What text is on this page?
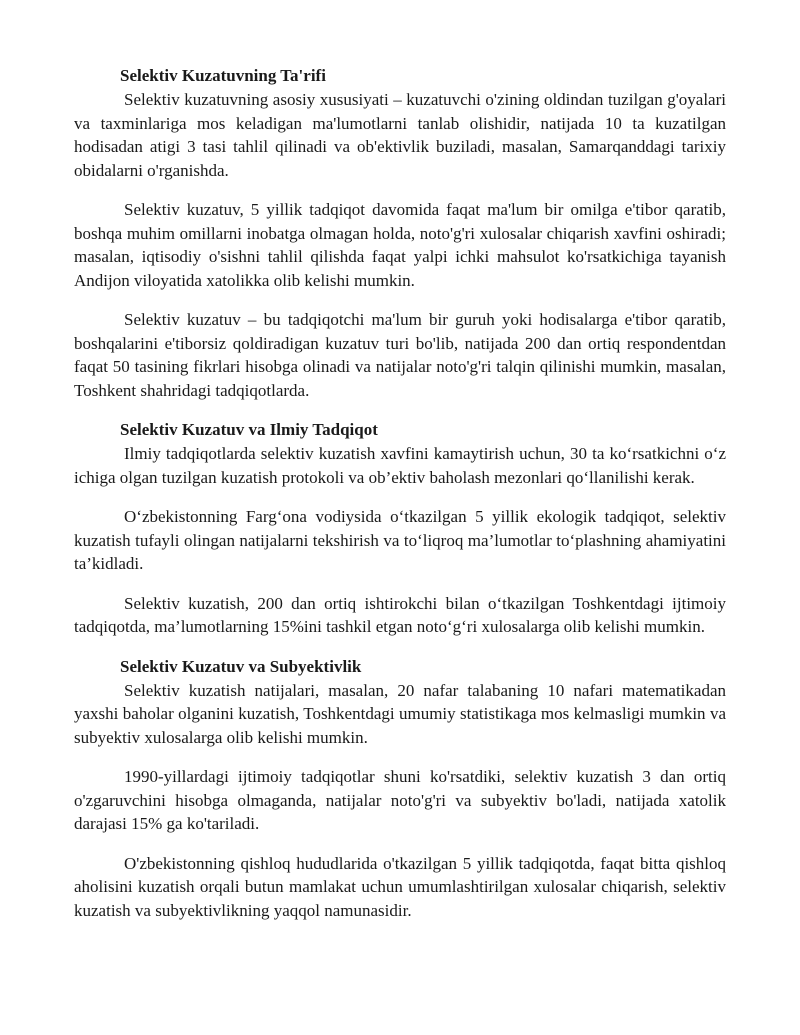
Selektiv Kuzatuvning Ta'rifi

Selektiv kuzatuvning asosiy xususiyati – kuzatuvchi o'zining oldindan tuzilgan g'oyalari va taxminlariga mos keladigan ma'lumotlarni tanlab olishidir, natijada 10 ta kuzatilgan hodisadan atigi 3 tasi tahlil qilinadi va ob'ektivlik buziladi, masalan, Samarqanddagi tarixiy obidalarni o'rganishda.

Selektiv kuzatuv, 5 yillik tadqiqot davomida faqat ma'lum bir omilga e'tibor qaratib, boshqa muhim omillarni inobatga olmagan holda, noto'g'ri xulosalar chiqarish xavfini oshiradi; masalan, iqtisodiy o'sishni tahlil qilishda faqat yalpi ichki mahsulot ko'rsatkichiga tayanish Andijon viloyatida xatolikka olib kelishi mumkin.

Selektiv kuzatuv – bu tadqiqotchi ma'lum bir guruh yoki hodisalarga e'tibor qaratib, boshqalarini e'tiborsiz qoldiradigan kuzatuv turi bo'lib, natijada 200 dan ortiq respondentdan faqat 50 tasining fikrlari hisobga olinadi va natijalar noto'g'ri talqin qilinishi mumkin, masalan, Toshkent shahridagi tadqiqotlarda.

Selektiv Kuzatuv va Ilmiy Tadqiqot

Ilmiy tadqiqotlarda selektiv kuzatish xavfini kamaytirish uchun, 30 ta ko‘rsatkichni o‘z ichiga olgan tuzilgan kuzatish protokoli va ob’ektiv baholash mezonlari qo‘llanilishi kerak.

O‘zbekistonning Farg‘ona vodiysida o‘tkazilgan 5 yillik ekologik tadqiqot, selektiv kuzatish tufayli olingan natijalarni tekshirish va to‘liqroq ma’lumotlar to‘plashning ahamiyatini ta’kidladi.

Selektiv kuzatish, 200 dan ortiq ishtirokchi bilan o‘tkazilgan Toshkentdagi ijtimoiy tadqiqotda, ma’lumotlarning 15%ini tashkil etgan noto‘g‘ri xulosalarga olib kelishi mumkin.

Selektiv Kuzatuv va Subyektivlik

Selektiv kuzatish natijalari, masalan, 20 nafar talabaning 10 nafari matematikadan yaxshi baholar olganini kuzatish, Toshkentdagi umumiy statistikaga mos kelmasligi mumkin va subyektiv xulosalarga olib kelishi mumkin.

1990-yillardagi ijtimoiy tadqiqotlar shuni ko'rsatdiki, selektiv kuzatish 3 dan ortiq o'zgaruvchini hisobga olmaganda, natijalar noto'g'ri va subyektiv bo'ladi, natijada xatolik darajasi 15% ga ko'tariladi.

O'zbekistonning qishloq hududlarida o'tkazilgan 5 yillik tadqiqotda, faqat bitta qishloq aholisini kuzatish orqali butun mamlakat uchun umumlashtirilgan xulosalar chiqarish, selektiv kuzatish va subyektivlikning yaqqol namunasidir.
